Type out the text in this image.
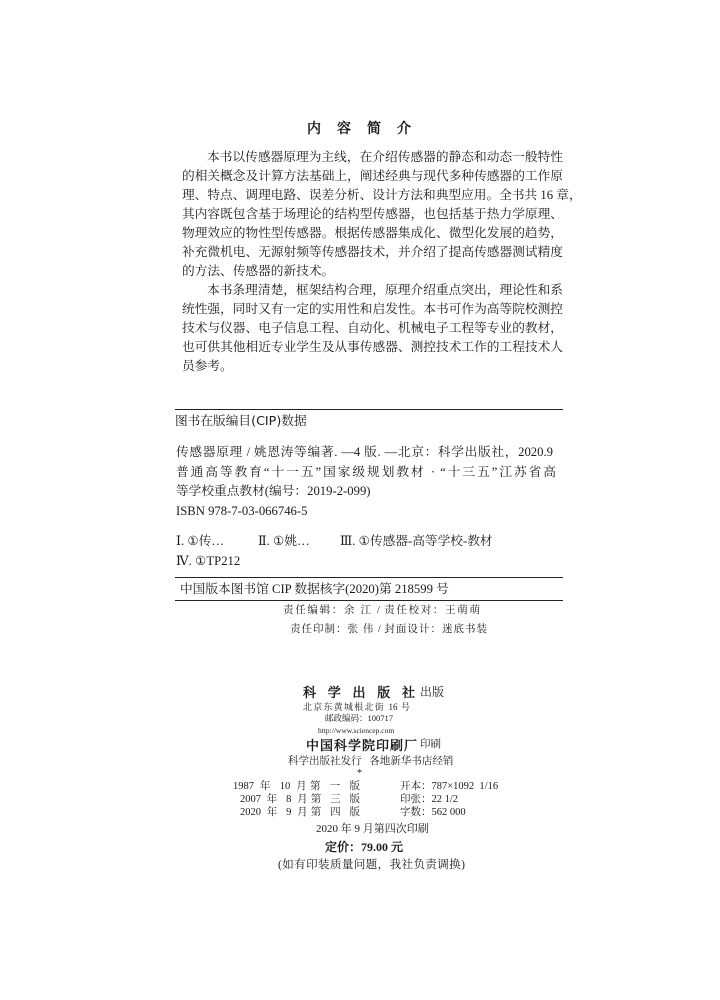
内 容 简 介
本书以传感器原理为主线，在介绍传感器的静态和动态一般特性
的相关概念及计算方法基础上，阐述经典与现代多种传感器的工作原
理、特点、调理电路、误差分析、设计方法和典型应用。全书共 16 章，
其内容既包含基于场理论的结构型传感器，也包括基于热力学原理、
物理效应的物性型传感器。根据传感器集成化、微型化发展的趋势，
补充微机电、无源射频等传感器技术，并介绍了提高传感器测试精度
的方法、传感器的新技术。
本书条理清楚，框架结构合理，原理介绍重点突出，理论性和系
统性强，同时又有一定的实用性和启发性。本书可作为高等院校测控
技术与仪器、电子信息工程、自动化、机械电子工程等专业的教材，
也可供其他相近专业学生及从事传感器、测控技术工作的工程技术人
员参考。
图书在版编目(CIP)数据
传感器原理 / 姚恩涛等编著. —4 版. —北京：科学出版社，2020.9
普通高等教育“十一五”国家级规划教材 · “十三五”江苏省高
等学校重点教材(编号：2019-2-099)
ISBN 978-7-03-066746-5
Ⅰ. ①传…	Ⅱ. ①姚… Ⅲ. ①传感器-高等学校-教材
Ⅳ. ①TP212
中国版本图书馆 CIP 数据核字(2020)第 218599 号
责任编辑：余 江 / 责任校对：王萌萌
责任印制：张 伟 / 封面设计：迷底书装
科 学 出 版 社 出版
北京东黄城根北街 16 号
邮政编码：100717
http://www.sciencep.com
中国科学院印刷厂 印刷
科学出版社发行   各地新华书店经销
*
1987 年 10 月第 一 版	开本：787×1092  1/16
2007 年 8 月第 三 版	印张：22 1/2
2020 年 9 月第 四 版	字数：562 000
2020 年 9 月第四次印刷
定价：79.00 元
(如有印装质量问题，我社负责调换)
